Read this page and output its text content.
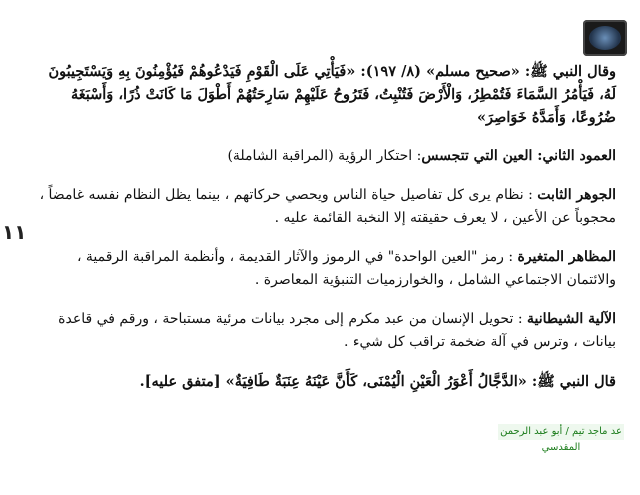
١١

وقال النبي ﷺ: «صحيح مسلم» (٨/ ١٩٧): «فَيَأْتِي عَلَى الْقَوْمِ فَيَدْعُوهُمْ فَيُؤْمِنُونَ بِهِ وَيَسْتَجِيبُونَ لَهُ، فَيَأْمُرُ السَّمَاءَ فَتُمْطِرُ، وَالْأَرْضَ فَتُنْبِتُ، فَتَرُوحُ عَلَيْهِمْ سَارِحَتُهُمْ أَطْوَلَ مَا كَانَتْ ذُرًا، وَأَسْبَغَهُ ضُرُوعًا، وَأَمَدَّهُ خَوَاصِرَ»

العمود الثاني: العين التي تتجسس: احتكار الرؤية (المراقبة الشاملة)

الجوهر الثابت : نظام يرى كل تفاصيل حياة الناس ويحصي حركاتهم ، بينما يظل النظام نفسه غامضاً ، محجوباً عن الأعين ، لا يعرف حقيقته إلا النخبة القائمة عليه .

المظاهر المتغيرة : رمز "العين الواحدة" في الرموز والآثار القديمة ، وأنظمة المراقبة الرقمية ، والائتمان الاجتماعي الشامل ، والخوارزميات التنبؤية المعاصرة .

الآلية الشيطانية : تحويل الإنسان من عبد مكرم إلى مجرد بيانات مرئية مستباحة ، ورقم في قاعدة بيانات ، وترس في آلة ضخمة تراقب كل شيء .

قال النبي ﷺ: «الدَّجَّالُ أَعْوَرُ الْعَيْنِ الْيُمْنَى، كَأَنَّ عَيْنَهُ عِنَبَةٌ طَافِيَةٌ» [متفق عليه].

عد ماجد تيم / أبو عبد الرحمن المقدسي
